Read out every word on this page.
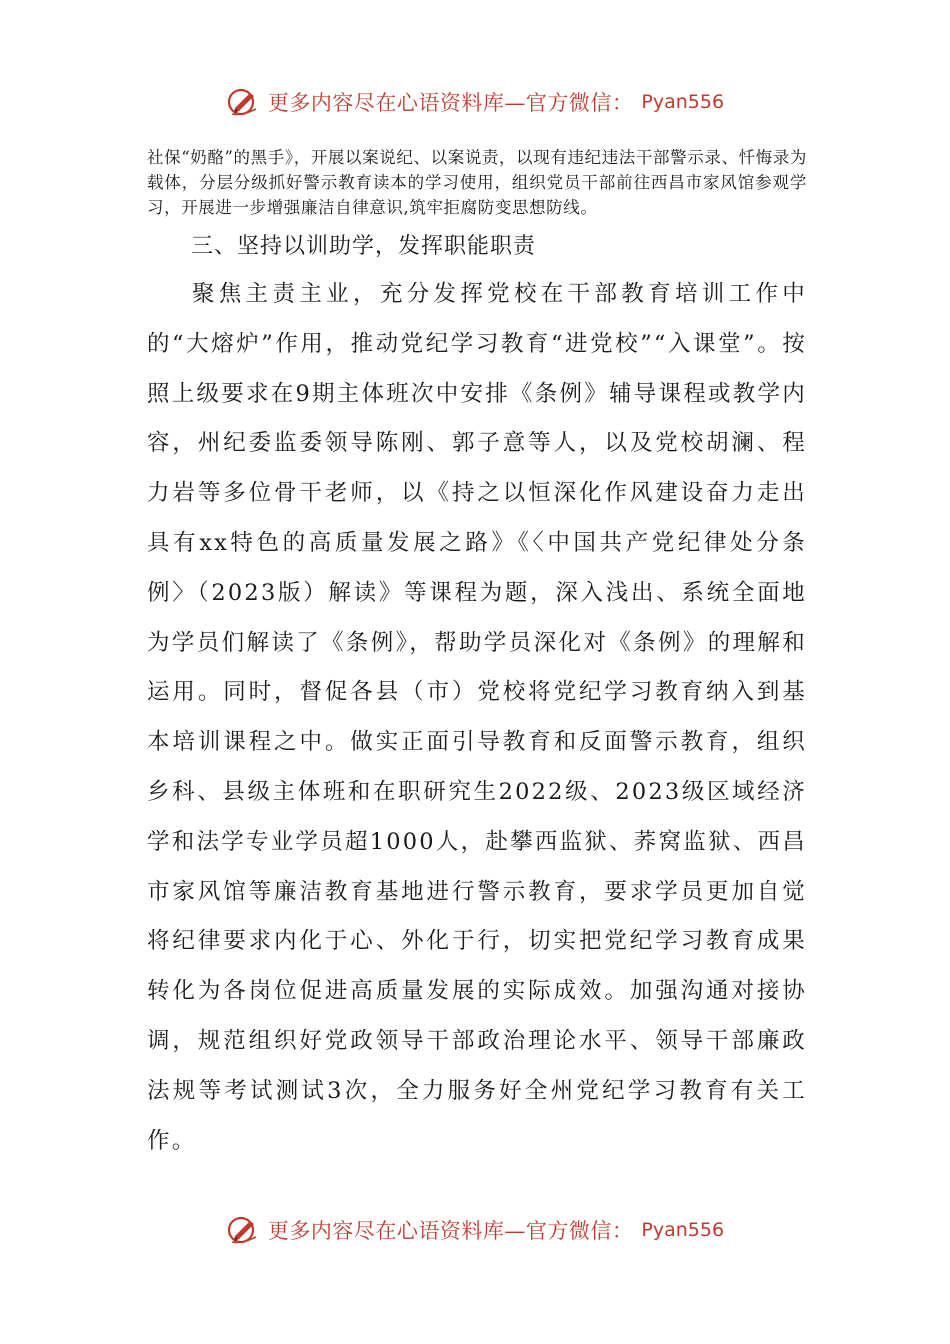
更多内容尽在心语资料库—官方微信： Pyan556

社保“奶酪”的黑手》，开展以案说纪、以案说责，以现有违纪违法干部警示录、忏悔录为载体，分层分级抓好警示教育读本的学习使用，组织党员干部前往西昌市家风馆参观学习，开展进一步增强廉洁自律意识,筑牢拒腐防变思想防线。

三、坚持以训助学，发挥职能职责

聚焦主责主业，充分发挥党校在干部教育培训工作中的“大熔炉”作用，推动党纪学习教育“进党校”“入课堂”。按照上级要求在9期主体班次中安排《条例》辅导课程或教学内容，州纪委监委领导陈刚、郭子意等人，以及党校胡澜、程力岩等多位骨干老师，以《持之以恒深化作风建设奋力走出具有xx特色的高质量发展之路》《〈中国共产党纪律处分条例〉（2023版）解读》等课程为题，深入浅出、系统全面地为学员们解读了《条例》，帮助学员深化对《条例》的理解和运用。同时，督促各县（市）党校将党纪学习教育纳入到基本培训课程之中。做实正面引导教育和反面警示教育，组织乡科、县级主体班和在职研究生2022级、2023级区域经济学和法学专业学员超1000人，赴攀西监狱、荞窝监狱、西昌市家风馆等廉洁教育基地进行警示教育，要求学员更加自觉将纪律要求内化于心、外化于行，切实把党纪学习教育成果转化为各岗位促进高质量发展的实际成效。加强沟通对接协调，规范组织好党政领导干部政治理论水平、领导干部廉政法规等考试测试3次，全力服务好全州党纪学习教育有关工作。

更多内容尽在心语资料库—官方微信： Pyan556
